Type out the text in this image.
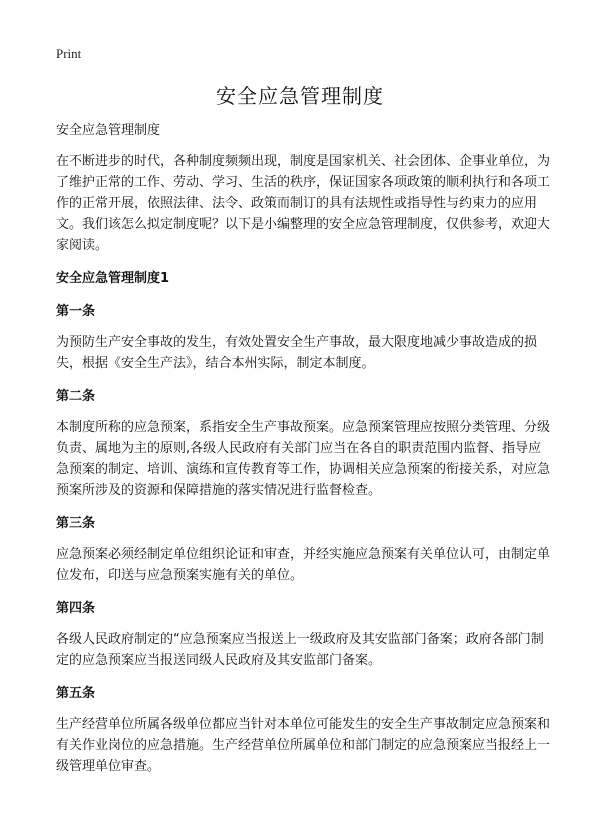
Print
安全应急管理制度

安全应急管理制度

在不断进步的时代，各种制度频频出现，制度是国家机关、社会团体、企事业单位，为了维护正常的工作、劳动、学习、生活的秩序，保证国家各项政策的顺利执行和各项工作的正常开展，依照法律、法令、政策而制订的具有法规性或指导性与约束力的应用文。我们该怎么拟定制度呢？以下是小编整理的安全应急管理制度，仅供参考，欢迎大家阅读。

安全应急管理制度1

第一条

为预防生产安全事故的发生，有效处置安全生产事故，最大限度地减少事故造成的损失，根据《安全生产法》，结合本州实际，制定本制度。

第二条

本制度所称的应急预案，系指安全生产事故预案。应急预案管理应按照分类管理、分级负责、属地为主的原则,各级人民政府有关部门应当在各自的职责范围内监督、指导应急预案的制定、培训、演练和宣传教育等工作，协调相关应急预案的衔接关系，对应急预案所涉及的资源和保障措施的落实情况进行监督检查。

第三条

应急预案必须经制定单位组织论证和审查，并经实施应急预案有关单位认可，由制定单位发布，印送与应急预案实施有关的单位。

第四条

各级人民政府制定的“应急预案应当报送上一级政府及其安监部门备案；政府各部门制定的应急预案应当报送同级人民政府及其安监部门备案。

第五条

生产经营单位所属各级单位都应当针对本单位可能发生的安全生产事故制定应急预案和有关作业岗位的应急措施。生产经营单位所属单位和部门制定的应急预案应当报经上一级管理单位审查。
